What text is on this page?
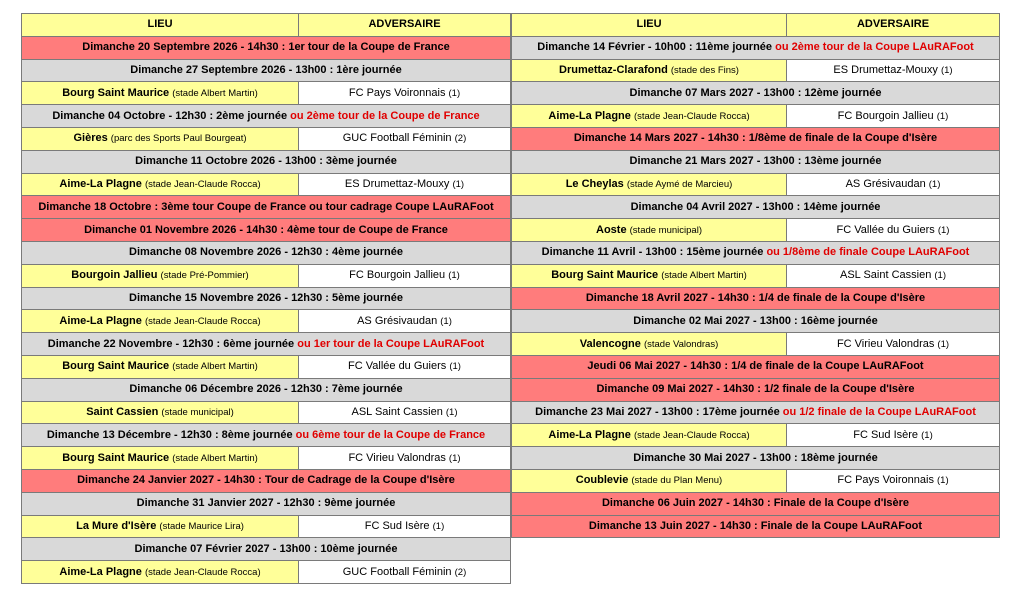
LIEU	ADVERSAIRE
Dimanche 20 Septembre 2026 - 14h30 : 1er tour de la Coupe de France	
Dimanche 27 Septembre 2026 - 13h00 : 1ère journée	
Bourg Saint Maurice (stade Albert Martin)	FC Pays Voironnais (1)
Dimanche 04 Octobre - 12h30 : 2ème journée ou 2ème tour de la Coupe de France	
Gières (parc des Sports Paul Bourgeat)	GUC Football Féminin (2)
Dimanche 11 Octobre 2026 - 13h00 : 3ème journée	
Aime-La Plagne (stade Jean-Claude Rocca)	ES Drumettaz-Mouxy (1)
Dimanche 18 Octobre : 3ème tour Coupe de France ou tour cadrage Coupe LAuRAFoot	
Dimanche 01 Novembre 2026 - 14h30 : 4ème tour de Coupe de France	
Dimanche 08 Novembre 2026 - 12h30 : 4ème journée	
Bourgoin Jallieu (stade Pré-Pommier)	FC Bourgoin Jallieu (1)
Dimanche 15 Novembre 2026 - 12h30 : 5ème journée	
Aime-La Plagne (stade Jean-Claude Rocca)	AS Grésivaudan (1)
Dimanche 22 Novembre - 12h30 : 6ème journée ou 1er tour de la Coupe LAuRAFoot	
Bourg Saint Maurice (stade Albert Martin)	FC Vallée du Guiers (1)
Dimanche 06 Décembre 2026 - 12h30 : 7ème journée	
Saint Cassien (stade municipal)	ASL Saint Cassien (1)
Dimanche 13 Décembre - 12h30 : 8ème journée ou 6ème tour de la Coupe de France	
Bourg Saint Maurice (stade Albert Martin)	FC Virieu Valondras (1)
Dimanche 24 Janvier 2027 - 14h30 : Tour de Cadrage de la Coupe d'Isère	
Dimanche 31 Janvier 2027 - 12h30 : 9ème journée	
La Mure d'Isère (stade Maurice Lira)	FC Sud Isère (1)
Dimanche 07 Février 2027 - 13h00 : 10ème journée	
Aime-La Plagne (stade Jean-Claude Rocca)	GUC Football Féminin (2)
LIEU	ADVERSAIRE
Dimanche 14 Février - 10h00 : 11ème journée ou 2ème tour de la Coupe LAuRAFoot	
Drumettaz-Clarafond (stade des Fins)	ES Drumettaz-Mouxy (1)
Dimanche 07 Mars 2027 - 13h00 : 12ème journée	
Aime-La Plagne (stade Jean-Claude Rocca)	FC Bourgoin Jallieu (1)
Dimanche 14 Mars 2027 - 14h30 : 1/8ème de finale de la Coupe d'Isère	
Dimanche 21 Mars 2027 - 13h00 : 13ème journée	
Le Cheylas (stade Aymé de Marcieu)	AS Grésivaudan (1)
Dimanche 04 Avril 2027 - 13h00 : 14ème journée	
Aoste (stade municipal)	FC Vallée du Guiers (1)
Dimanche 11 Avril - 13h00 : 15ème journée ou 1/8ème de finale Coupe LAuRAFoot	
Bourg Saint Maurice (stade Albert Martin)	ASL Saint Cassien (1)
Dimanche 18 Avril 2027 - 14h30 : 1/4 de finale de la Coupe d'Isère	
Dimanche 02 Mai 2027 - 13h00 : 16ème journée	
Valencogne (stade Valondras)	FC Virieu Valondras (1)
Jeudi 06 Mai 2027 - 14h30 : 1/4 de finale de la Coupe LAuRAFoot	
Dimanche 09 Mai 2027 - 14h30 : 1/2 finale de la Coupe d'Isère	
Dimanche 23 Mai 2027 - 13h00 : 17ème journée ou 1/2 finale de la Coupe LAuRAFoot	
Aime-La Plagne (stade Jean-Claude Rocca)	FC Sud Isère (1)
Dimanche 30 Mai 2027 - 13h00 : 18ème journée	
Coublevie (stade du Plan Menu)	FC Pays Voironnais (1)
Dimanche 06 Juin 2027 - 14h30 : Finale de la Coupe d'Isère	
Dimanche 13 Juin 2027 - 14h30 : Finale de la Coupe LAuRAFoot	
